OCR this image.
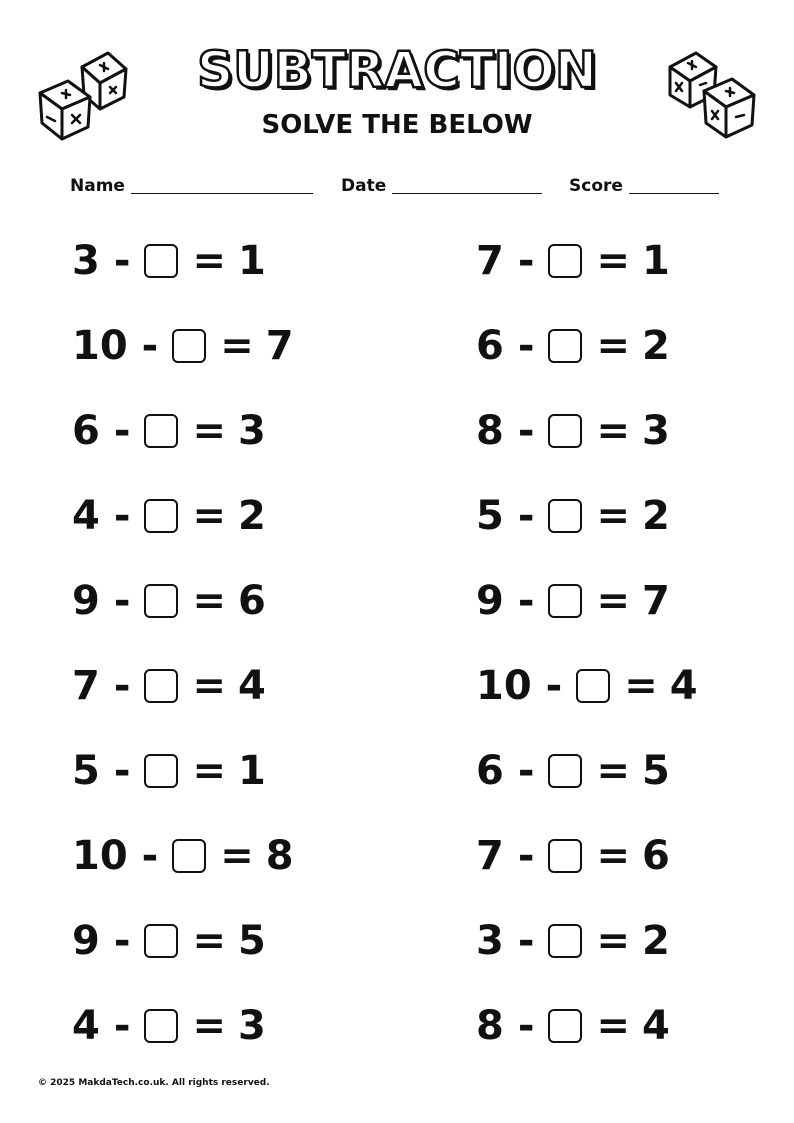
SUBTRACTION
SOLVE THE BELOW
Name	Date	Score
3 - = 1	7 - = 1
10 - = 7	6 - = 2
6 - = 3	8 - = 3
4 - = 2	5 - = 2
9 - = 6	9 - = 7
7 - = 4	10 - = 4
5 - = 1	6 - = 5
10 - = 8	7 - = 6
9 - = 5	3 - = 2
4 - = 3	8 - = 4
© 2025 MakdaTech.co.uk. All rights reserved.
